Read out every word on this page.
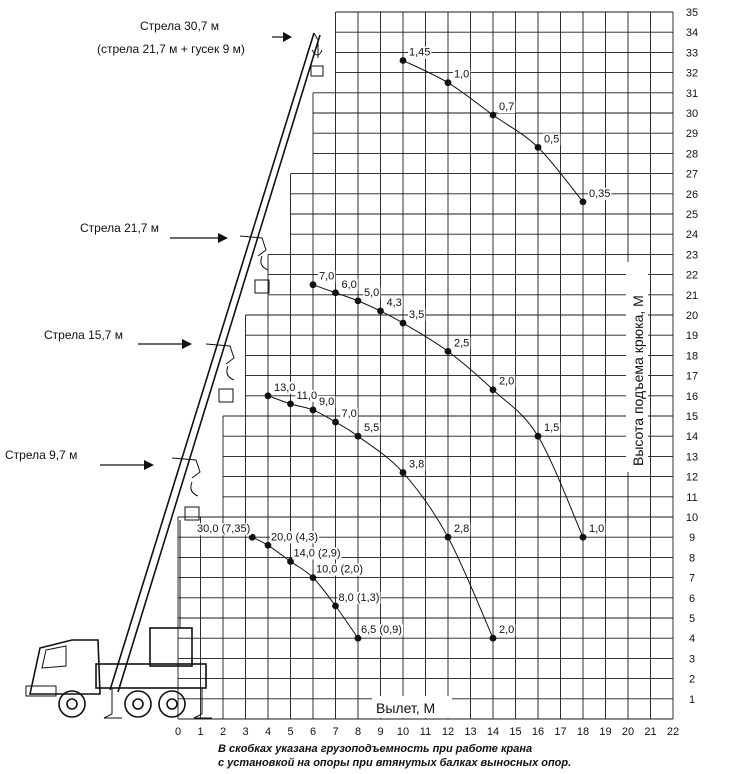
Стрела 30,7 м
(стрела 21,7 м + гусек 9 м)
Стрела 21,7 м
Стрела 15,7 м
Стрела 9,7 м
30,0 (7,35)
20,0 (4,3)
14,0 (2,9)
10,0 (2,0)
8,0 (1,3)
6,5 (0,9)
13,0
11,0
9,0
7,0
5,5
3,8
2,8
2,0
7,0
6,0
5,0
4,3
3,5
2,5
2,0
1,5
1,0
1,45
1,0
0,7
0,5
0,35
0 1 2 3 4 5 6 7 8 9 10 11 12 13 14 15 16 17 18 19 20 21 22
1
2
3
4
5
6
7
8
9
10
11
12
13
14
15
16
17
18
19
20
21
22
23
24
25
26
27
28
29
30
31
32
33
34
35
Вылет, М
Высота подъема крюка, М
В скобках указана грузоподъемность при работе крана
с установкой на опоры при втянутых балках выносных опор.
